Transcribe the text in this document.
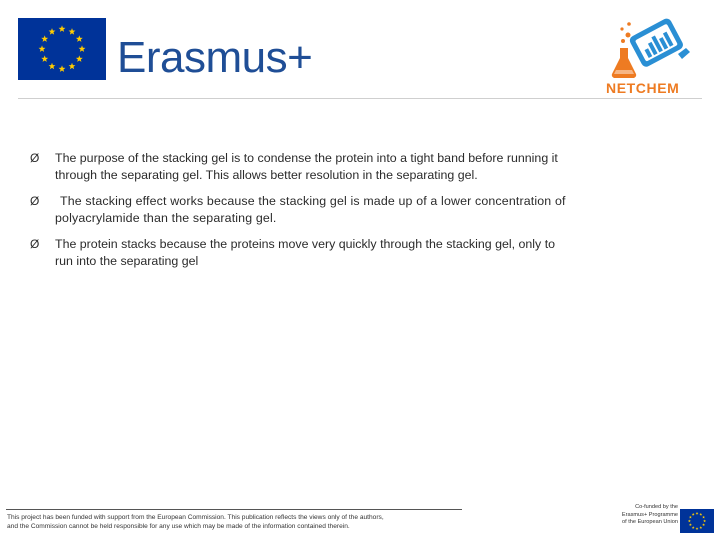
Erasmus+
NETCHEM
Ø	The purpose of the stacking gel is to condense the protein into a tight band before running it
through the separating gel. This allows better resolution in the separating gel.
Ø	The stacking effect works because the stacking gel is made up of a lower concentration of
polyacrylamide than the separating gel.
Ø	The protein stacks because the proteins move very quickly through the stacking gel, only to
run into the separating gel
This project has been funded with support from the European Commission. This publication reflects the views only of the authors,
and the Commission cannot be held responsible for any use which may be made of the information contained therein.
Co-funded by the
Erasmus+ Programme
of the European Union
